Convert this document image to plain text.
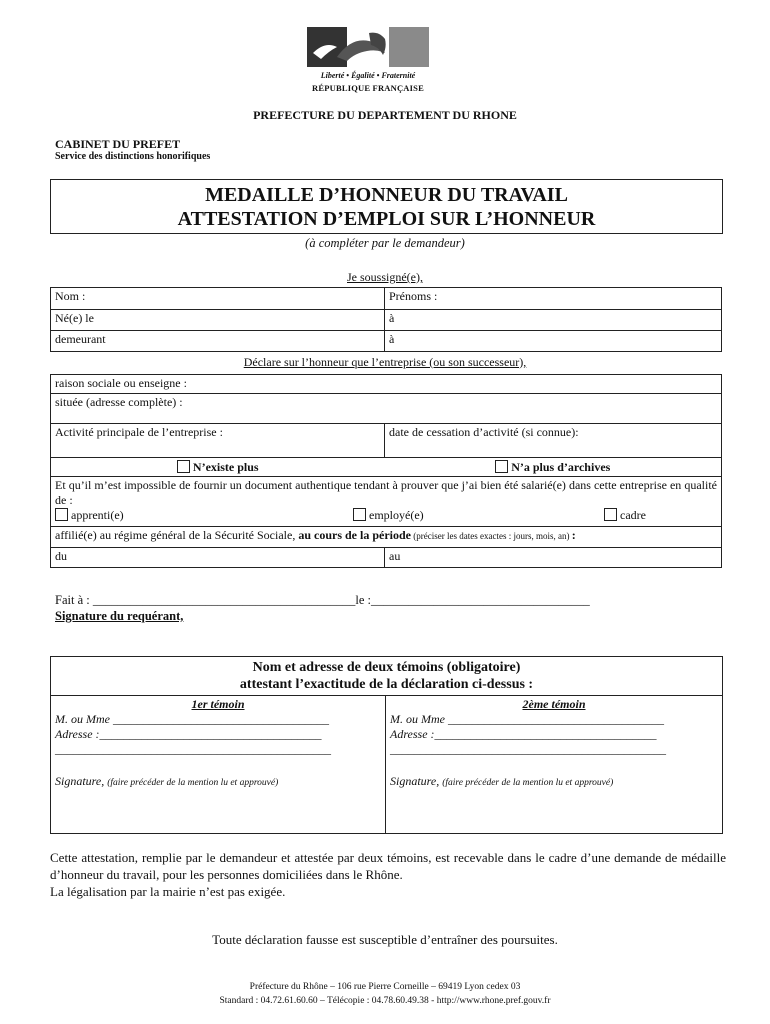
Liberté • Égalité • Fraternité
RÉPUBLIQUE FRANÇAISE
PREFECTURE DU DEPARTEMENT DU RHONE
CABINET DU PREFET
Service des distinctions honorifiques
MEDAILLE D’HONNEUR DU TRAVAIL
ATTESTATION D’EMPLOI SUR L’HONNEUR
(à compléter par le demandeur)
Je soussigné(e),
Nom :	Prénoms :
Né(e) le	à
demeurant	à
Déclare sur l’honneur que l’entreprise (ou son successeur),
raison sociale ou enseigne :	
située (adresse complète) :	
Activité principale de l’entreprise :	date de cessation d’activité (si connue):
N’existe plus	N’a plus d’archives

Et qu’il m’est impossible de fournir un document authentique tendant à prouver que j’ai bien été salarié(e) dans cette entreprise en qualité de :
apprenti(e) employé(e) cadre	

affilié(e) au régime général de la Sécurité Sociale, au cours de la période (préciser les dates exactes : jours, mois, an) :	
du	au
Fait à : __________________________________________le :___________________________________
Signature du requérant,
Nom et adresse de deux témoins (obligatoire)
attestant l’exactitude de la déclaration ci-dessus :
1er témoin
M. ou Mme ____________________________________
Adresse :_____________________________________
______________________________________________
Signature, (faire précéder de la mention lu et approuvé)
2ème témoin
M. ou Mme ____________________________________
Adresse :_____________________________________
______________________________________________
Signature, (faire précéder de la mention lu et approuvé)
Cette attestation, remplie par le demandeur et attestée par deux témoins, est recevable dans le cadre d’une demande de médaille d’honneur du travail, pour les personnes domiciliées dans le Rhône.
La légalisation par la mairie n’est pas exigée.
Toute déclaration fausse est susceptible d’entraîner des poursuites.
Préfecture du Rhône – 106 rue Pierre Corneille – 69419 Lyon cedex 03
Standard : 04.72.61.60.60 – Télécopie : 04.78.60.49.38 - http://www.rhone.pref.gouv.fr
